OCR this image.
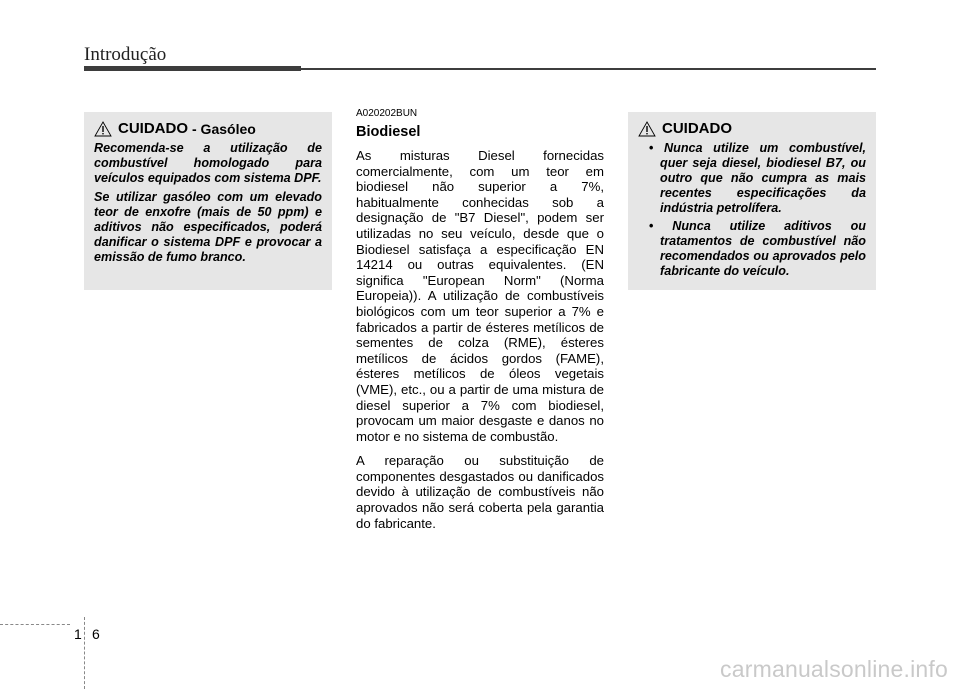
Introdução
CUIDADO - Gasóleo

Recomenda-se a utilização de combustível homologado para veículos equipados com sistema DPF.

Se utilizar gasóleo com um elevado teor de enxofre (mais de 50 ppm) e aditivos não especificados, poderá danificar o sistema DPF e provocar a emissão de fumo branco.

A020202BUN
Biodiesel

As misturas Diesel fornecidas comercialmente, com um teor em biodiesel não superior a 7%, habitualmente conhecidas sob a designação de "B7 Diesel", podem ser utilizadas no seu veículo, desde que o Biodiesel satisfaça a especificação EN 14214 ou outras equivalentes. (EN significa "European Norm" (Norma Europeia)). A utilização de combustíveis biológicos com um teor superior a 7% e fabricados a partir de ésteres metílicos de sementes de colza (RME), ésteres metílicos de ácidos gordos (FAME), ésteres metílicos de óleos vegetais (VME), etc., ou a partir de uma mistura de diesel superior a 7% com biodiesel, provocam um maior desgaste e danos no motor e no sistema de combustão.

A reparação ou substituição de componentes desgastados ou danificados devido à utilização de combustíveis não aprovados não será coberta pela garantia do fabricante.

CUIDADO
• Nunca utilize um combustível, quer seja diesel, biodiesel B7, ou outro que não cumpra as mais recentes especificações da indústria petrolífera.
• Nunca utilize aditivos ou tratamentos de combustível não recomendados ou aprovados pelo fabricante do veículo.
1 6
carmanualsonline.info
